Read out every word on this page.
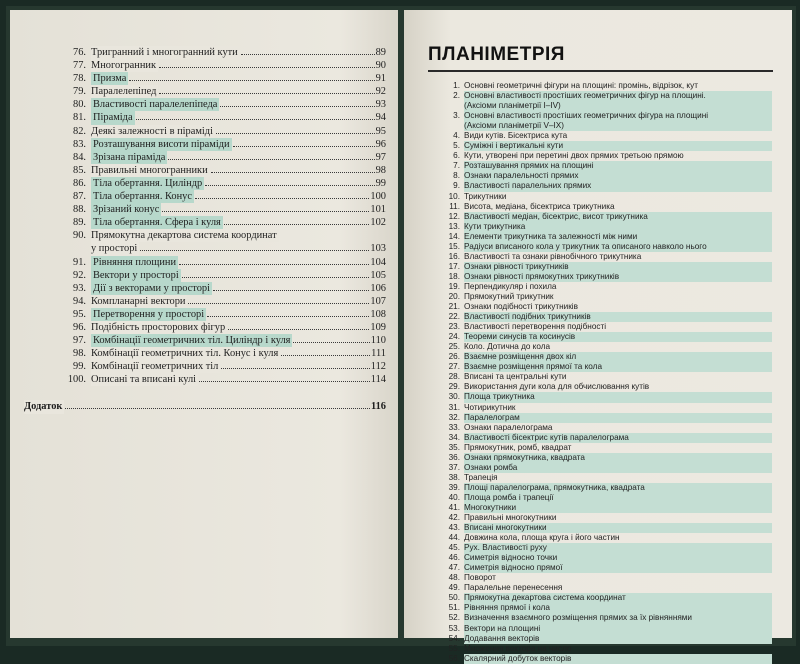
76. Тригранний і многогранний кути	89
77. Многогранник	90
78. Призма	91
79. Паралелепіпед	92
80. Властивості паралелепіпеда	93
81. Піраміда	94
82. Деякі залежності в піраміді	95
83. Розташування висоти піраміди	96
84. Зрізана піраміда	97
85. Правильні многогранники	98
86. Тіла обертання. Циліндр	99
87. Тіла обертання. Конус	100
88. Зрізаний конус	101
89. Тіла обертання. Сфера і куля	102
90. Прямокутна декартова система координат
у просторі	103
91. Рівняння площини	104
92. Вектори у просторі	105
93. Дії з векторами у просторі	106
94. Компланарні вектори	107
95. Перетворення у просторі	108
96. Подібність просторових фігур	109
97. Комбінації геометричних тіл. Циліндр і куля	110
98. Комбінації геометричних тіл. Конус і куля	111
99. Комбінації геометричних тіл	112
100. Описані та вписані кулі	114
Додаток	116
ПЛАНІМЕТРІЯ
1. Основні геометричні фігури на площині: промінь, відрізок, кут
2. Основні властивості простіших геометричних фігур на площині.
(Аксіоми планіметрії I–IV)
3. Основні властивості простіших геометричних фігура на площині
(Аксіоми планіметрії V–IX)
4. Види кутів. Бісектриса кута
5. Суміжні і вертикальні кути
6. Кути, утворені при перетині двох прямих третьою прямою
7. Розташування прямих на площині
8. Ознаки паралельності прямих
9. Властивості паралельних прямих
10. Трикутники
11. Висота, медіана, бісектриса трикутника
12. Властивості медіан, бісектрис, висот трикутника
13. Кути трикутника
14. Елементи трикутника та залежності між ними
15. Радіуси вписаного кола у трикутник та описаного навколо нього
16. Властивості та ознаки рівнобічного трикутника
17. Ознаки рівності трикутників
18. Ознаки рівності прямокутних трикутників
19. Перпендикуляр і похила
20. Прямокутний трикутник
21. Ознаки подібності трикутників
22. Властивості подібних трикутників
23. Властивості перетворення подібності
24. Теореми синусів та косинусів
25. Коло. Дотична до кола
26. Взаємне розміщення двох кіл
27. Взаємне розміщення прямої та кола
28. Вписані та центральні кути
29. Використання дуги кола для обчислювання кутів
30. Площа трикутника
31. Чотирикутник
32. Паралелограм
33. Ознаки паралелограма
34. Властивості бісектрис кутів паралелограма
35. Прямокутник, ромб, квадрат
36. Ознаки прямокутника, квадрата
37. Ознаки ромба
38. Трапеція
39. Площі паралелограма, прямокутника, квадрата
40. Площа ромба і трапеції
41. Многокутники
42. Правильні многокутники
43. Вписані многокутники
44. Довжина кола, площа круга і його частин
45. Рух. Властивості руху
46. Симетрія відносно точки
47. Симетрія відносно прямої
48. Поворот
49. Паралельне перенесення
50. Прямокутна декартова система координат
51. Рівняння прямої і кола
52. Визначення взаємного розміщення прямих за їх рівняннями
53. Вектори на площині
54. Додавання векторів
55. Множення вектора на число
56. Скалярний добуток векторів
